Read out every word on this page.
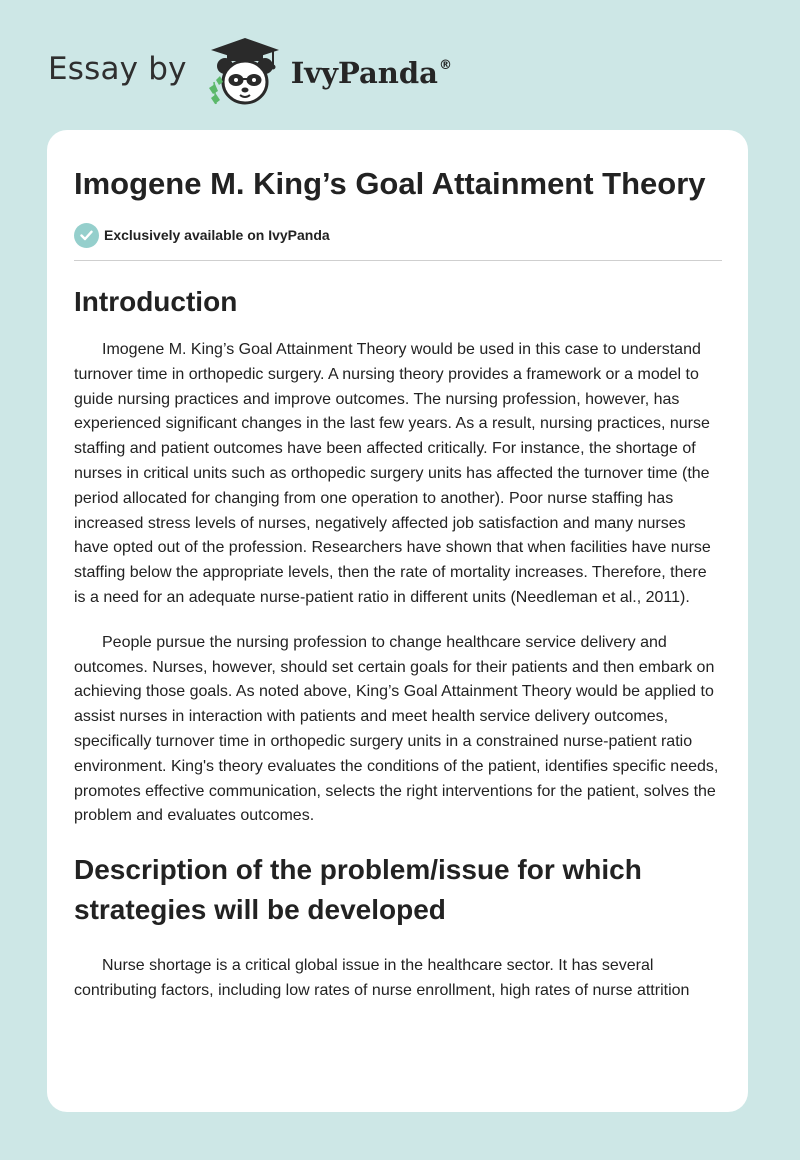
Essay by	IvyPanda®
Imogene M. King’s Goal Attainment Theory
Exclusively available on IvyPanda
Introduction

Imogene M. King’s Goal Attainment Theory would be used in this case to understand turnover time in orthopedic surgery. A nursing theory provides a framework or a model to guide nursing practices and improve outcomes. The nursing profession, however, has experienced significant changes in the last few years. As a result, nursing practices, nurse staffing and patient outcomes have been affected critically. For instance, the shortage of nurses in critical units such as orthopedic surgery units has affected the turnover time (the period allocated for changing from one operation to another). Poor nurse staffing has increased stress levels of nurses, negatively affected job satisfaction and many nurses have opted out of the profession. Researchers have shown that when facilities have nurse staffing below the appropriate levels, then the rate of mortality increases. Therefore, there is a need for an adequate nurse-patient ratio in different units (Needleman et al., 2011).

People pursue the nursing profession to change healthcare service delivery and outcomes. Nurses, however, should set certain goals for their patients and then embark on achieving those goals. As noted above, King’s Goal Attainment Theory would be applied to assist nurses in interaction with patients and meet health service delivery outcomes, specifically turnover time in orthopedic surgery units in a constrained nurse-patient ratio environment. King's theory evaluates the conditions of the patient, identifies specific needs, promotes effective communication, selects the right interventions for the patient, solves the problem and evaluates outcomes.

Description of the problem/issue for which strategies will be developed

Nurse shortage is a critical global issue in the healthcare sector. It has several contributing factors, including low rates of nurse enrollment, high rates of nurse attrition
